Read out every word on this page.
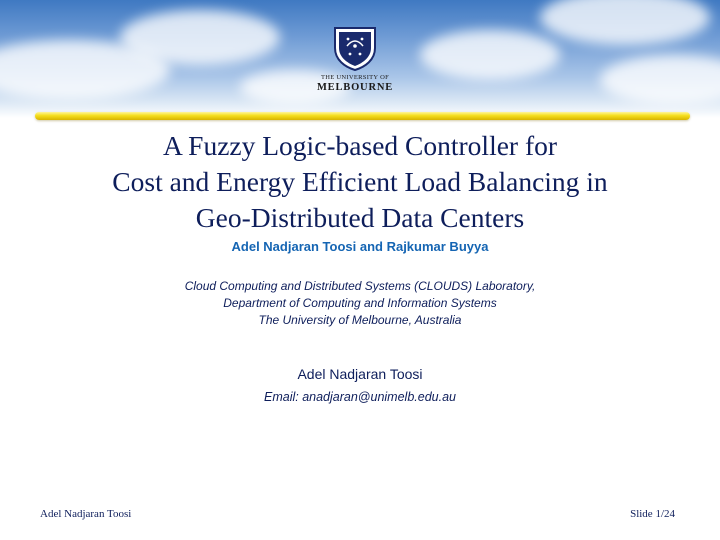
THE UNIVERSITY OF
MELBOURNE
A Fuzzy Logic-based Controller for
Cost and Energy Efficient Load Balancing in
Geo-Distributed Data Centers
Adel Nadjaran Toosi and Rajkumar Buyya
Cloud Computing and Distributed Systems (CLOUDS) Laboratory,
Department of Computing and Information Systems
The University of Melbourne, Australia
Adel Nadjaran Toosi
Email: anadjaran@unimelb.edu.au
Adel Nadjaran Toosi	Slide 1/24
